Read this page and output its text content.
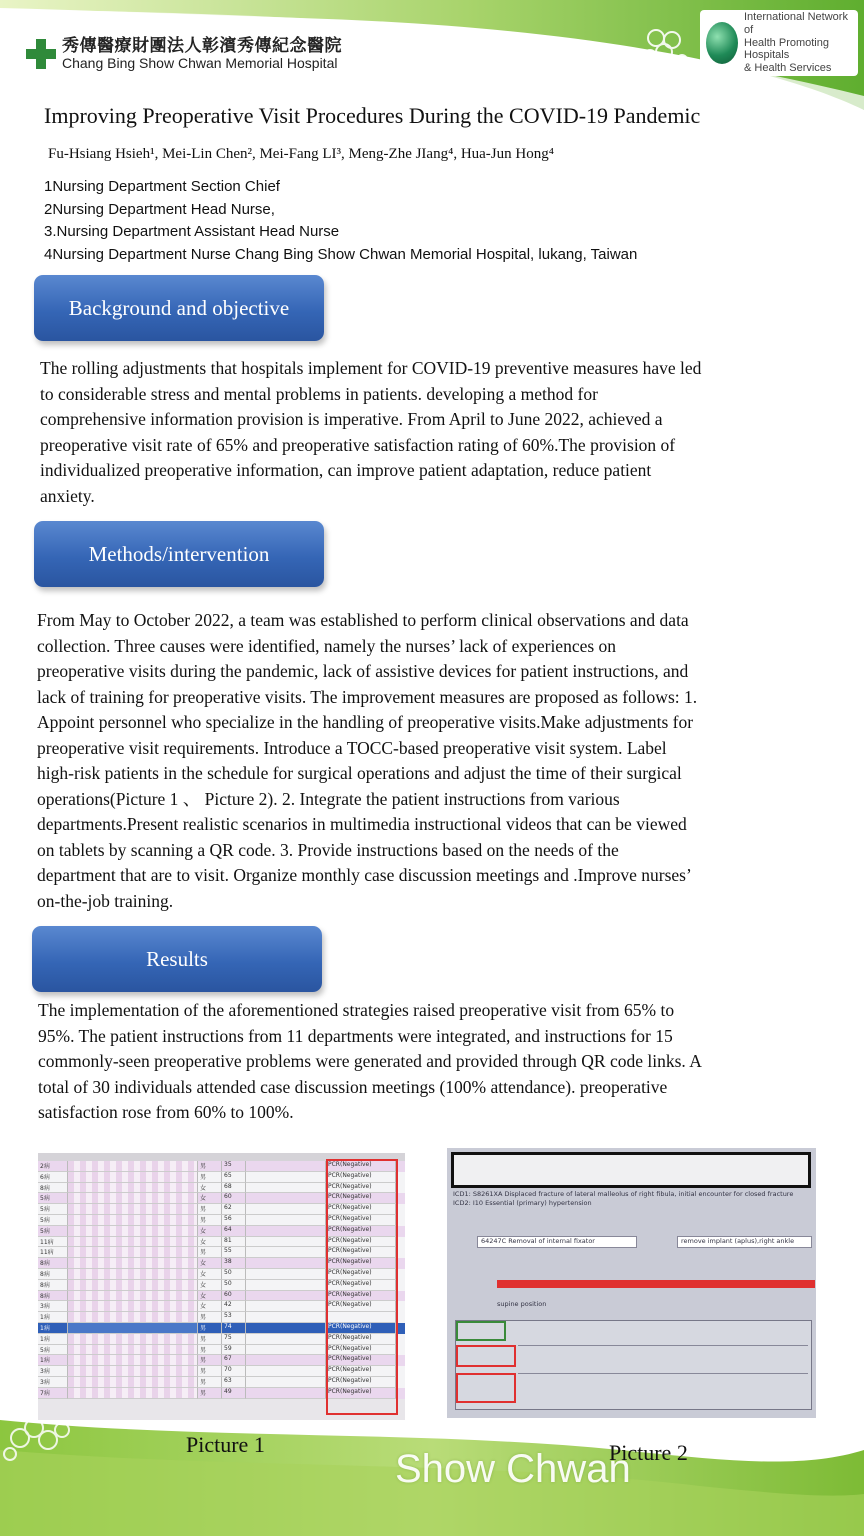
秀傳醫療財團法人彰濱秀傳紀念醫院
Chang Bing Show Chwan Memorial Hospital
International Network of
Health Promoting Hospitals
& Health Services
Improving Preoperative Visit Procedures During the COVID-19 Pandemic
Fu-Hsiang Hsieh¹, Mei-Lin Chen², Mei-Fang LI³, Meng-Zhe JIang⁴, Hua-Jun Hong⁴
1Nursing Department Section Chief
2Nursing Department Head Nurse,
3.Nursing Department Assistant Head Nurse
4Nursing Department Nurse Chang Bing Show Chwan Memorial Hospital, lukang, Taiwan
Background and objective
The rolling adjustments that hospitals implement for COVID-19 preventive measures have led
to considerable stress and mental problems in patients. developing a method for
comprehensive information provision is imperative. From April to June 2022, achieved a
preoperative visit rate of 65% and preoperative satisfaction rating of 60%.The provision of
individualized preoperative information, can improve patient adaptation, reduce patient
anxiety.
Methods/intervention
From May to October 2022, a team was established to perform clinical observations and data
collection. Three causes were identified, namely the nurses’ lack of experiences on
preoperative visits during the pandemic, lack of assistive devices for patient instructions, and
lack of training for preoperative visits. The improvement measures are proposed as follows: 1.
Appoint personnel who specialize in the handling of preoperative visits.Make adjustments for
preoperative visit requirements. Introduce a TOCC-based preoperative visit system. Label
high-risk patients in the schedule for surgical operations and adjust the time of their surgical
operations(Picture 1 、 Picture 2). 2. Integrate the patient instructions from various
departments.Present realistic scenarios in multimedia instructional videos that can be viewed
on tablets by scanning a QR code. 3. Provide instructions based on the needs of the
department that are to visit. Organize monthly case discussion meetings and .Improve nurses’
on-the-job training.
Results
The implementation of the aforementioned strategies raised preoperative visit from 65% to
95%. The patient instructions from 11 departments were integrated, and instructions for 15
commonly-seen preoperative problems were generated and provided through QR code links. A
total of 30 individuals attended case discussion meetings (100% attendance). preoperative
satisfaction rose from 60% to 100%.
Show Chwan
2病	男	35	PCR(Negative)
6病	男	65	PCR(Negative)
8病	女	68	PCR(Negative)
5病	女	60	PCR(Negative)
5病	男	62	PCR(Negative)
5病	男	56	PCR(Negative)
5病	女	64	PCR(Negative)
11病	女	81	PCR(Negative)
11病	男	55	PCR(Negative)
8病	女	38	PCR(Negative)
8病	女	50	PCR(Negative)
8病	女	50	PCR(Negative)
8病	女	60	PCR(Negative)
3病	女	42	PCR(Negative)
1病	男	53
1病	男	74	PCR(Negative)
1病	男	75	PCR(Negative)
5病	男	59	PCR(Negative)
1病	男	67	PCR(Negative)
3病	男	70	PCR(Negative)
3病	男	63	PCR(Negative)
7病	男	49	PCR(Negative)
ICD1: S8261XA Displaced fracture of lateral malleolus of right fibula, initial encounter for closed fracture
ICD2: I10 Essential (primary) hypertension
64247C Removal of internal fixator	remove implant (aplus),right ankle
supine position
Picture 1	Picture 2
